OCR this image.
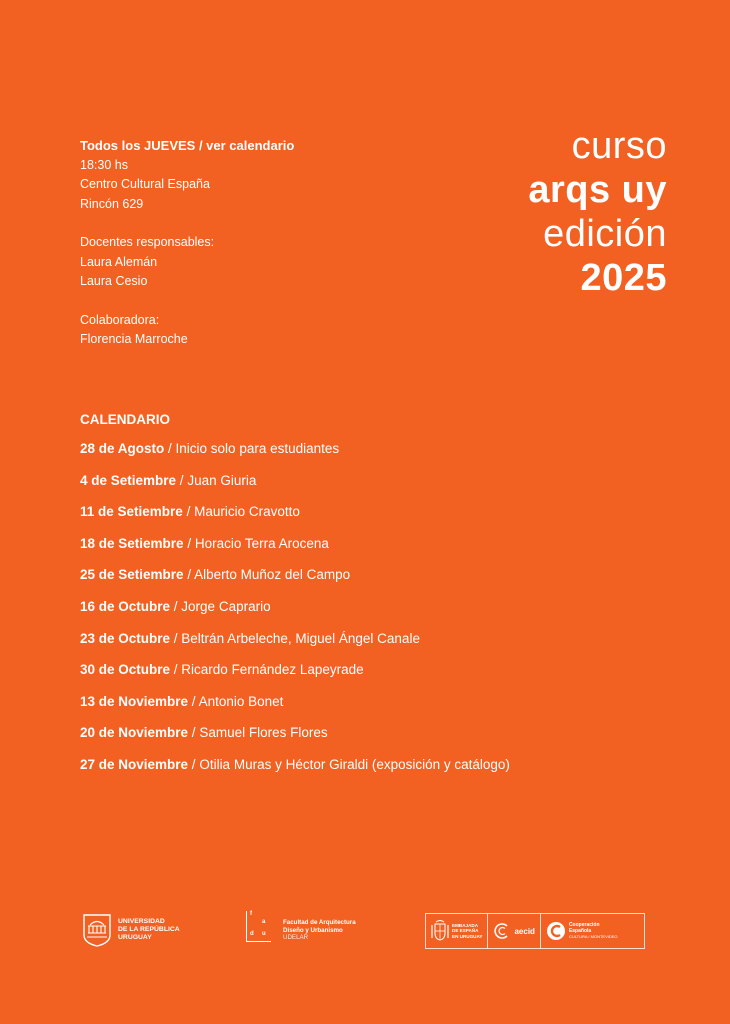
Todos los JUEVES / ver calendario
18:30 hs
Centro Cultural España
Rincón 629
Docentes responsables:
Laura Alemán
Laura Cesio
Colaboradora:
Florencia Marroche
curso
arqs uy
edición
2025
CALENDARIO
28 de Agosto / Inicio solo para estudiantes
4 de Setiembre / Juan Giuria
11 de Setiembre / Mauricio Cravotto
18 de Setiembre / Horacio Terra Arocena
25 de Setiembre / Alberto Muñoz del Campo
16 de Octubre / Jorge Caprario
23 de Octubre / Beltrán Arbeleche, Miguel Ángel Canale
30 de Octubre / Ricardo Fernández Lapeyrade
13 de Noviembre / Antonio Bonet
20 de Noviembre / Samuel Flores Flores
27 de Noviembre / Otilia Muras y Héctor Giraldi (exposición y catálogo)
UNIVERSIDAD
DE LA REPÚBLICA
URUGUAY
f
a
d u
Facultad de Arquitectura
Diseño y Urbanismo
UDELAR
EMBAJADA
DE ESPAÑA
EN URUGUAY
aecid
Cooperación
Española
CULTURA / MONTEVIDEO
